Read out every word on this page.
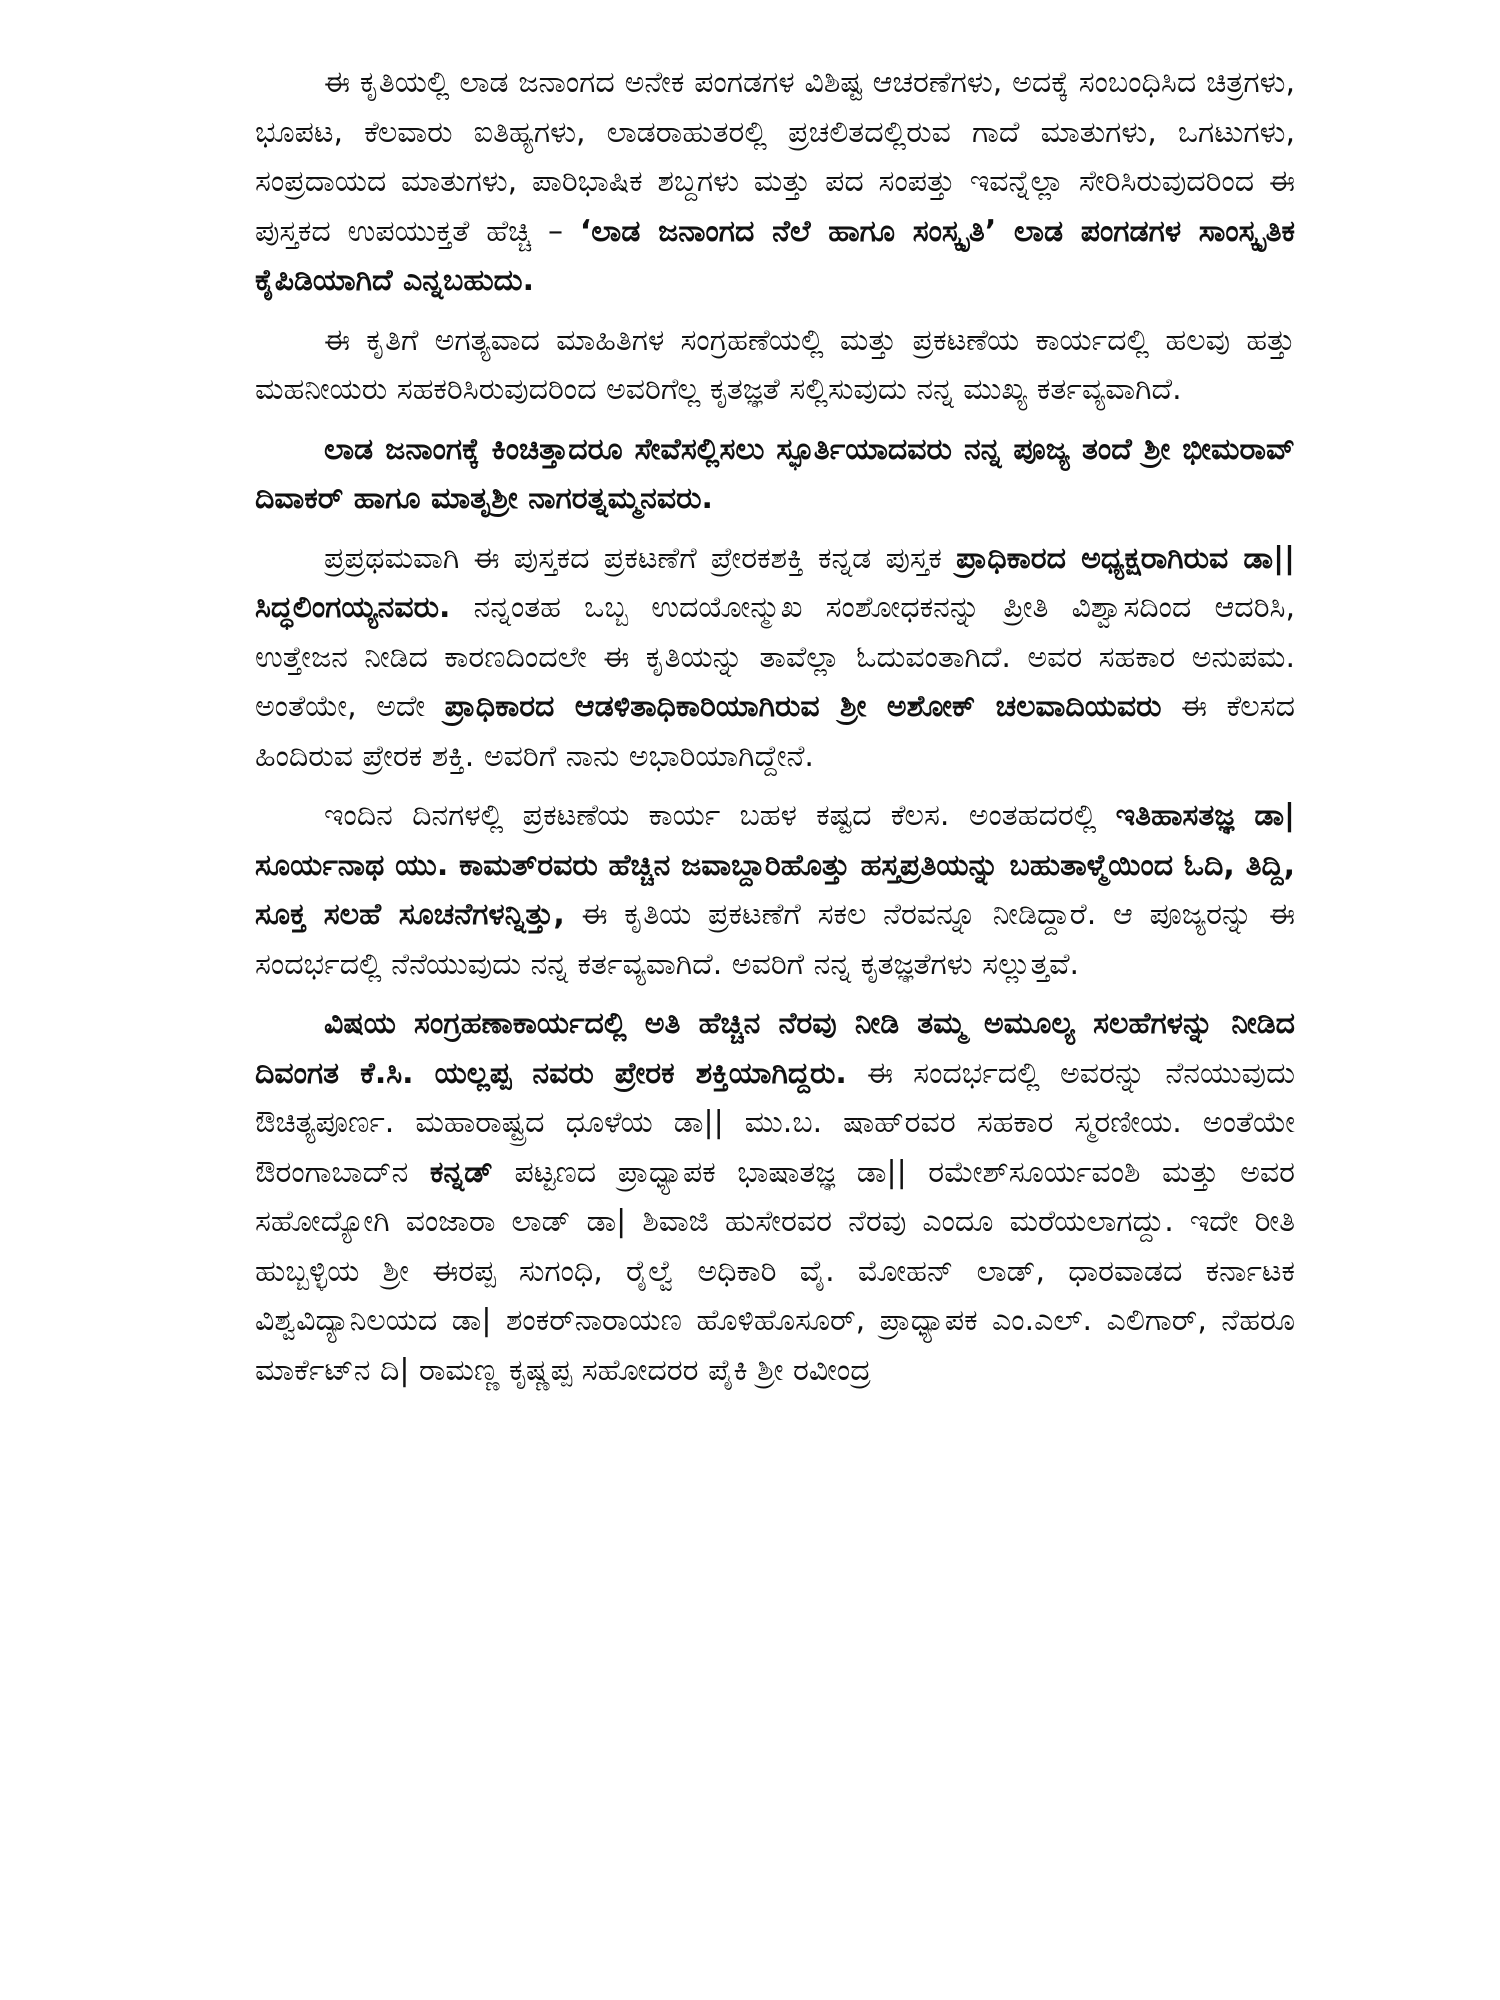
ಈ ಕೃತಿಯಲ್ಲಿ ಲಾಡ ಜನಾಂಗದ ಅನೇಕ ಪಂಗಡಗಳ ವಿಶಿಷ್ಟ ಆಚರಣೆಗಳು, ಅದಕ್ಕೆ ಸಂಬಂಧಿಸಿದ ಚಿತ್ರಗಳು, ಭೂಪಟ, ಕೆಲವಾರು ಐತಿಹ್ಯಗಳು, ಲಾಡರಾಹುತರಲ್ಲಿ ಪ್ರಚಲಿತದಲ್ಲಿರುವ ಗಾದೆ ಮಾತುಗಳು, ಒಗಟುಗಳು, ಸಂಪ್ರದಾಯದ ಮಾತುಗಳು, ಪಾರಿಭಾಷಿಕ ಶಬ್ದಗಳು ಮತ್ತು ಪದ ಸಂಪತ್ತು ಇವನ್ನೆಲ್ಲಾ ಸೇರಿಸಿರುವುದರಿಂದ ಈ ಪುಸ್ತಕದ ಉಪಯುಕ್ತತೆ ಹೆಚ್ಚಿ – ‘ಲಾಡ ಜನಾಂಗದ ನೆಲೆ ಹಾಗೂ ಸಂಸ್ಕೃತಿ’ ಲಾಡ ಪಂಗಡಗಳ ಸಾಂಸ್ಕೃತಿಕ ಕೈಪಿಡಿಯಾಗಿದೆ ಎನ್ನಬಹುದು.

ಈ ಕೃತಿಗೆ ಅಗತ್ಯವಾದ ಮಾಹಿತಿಗಳ ಸಂಗ್ರಹಣೆಯಲ್ಲಿ ಮತ್ತು ಪ್ರಕಟಣೆಯ ಕಾರ್ಯದಲ್ಲಿ ಹಲವು ಹತ್ತು ಮಹನೀಯರು ಸಹಕರಿಸಿರುವುದರಿಂದ ಅವರಿಗೆಲ್ಲ ಕೃತಜ್ಞತೆ ಸಲ್ಲಿಸುವುದು ನನ್ನ ಮುಖ್ಯ ಕರ್ತವ್ಯವಾಗಿದೆ.

ಲಾಡ ಜನಾಂಗಕ್ಕೆ ಕಿಂಚಿತ್ತಾದರೂ ಸೇವೆಸಲ್ಲಿಸಲು ಸ್ಫೂರ್ತಿಯಾದವರು ನನ್ನ ಪೂಜ್ಯ ತಂದೆ ಶ್ರೀ ಭೀಮರಾವ್ ದಿವಾಕರ್ ಹಾಗೂ ಮಾತೃಶ್ರೀ ನಾಗರತ್ನಮ್ಮನವರು.

ಪ್ರಪ್ರಥಮವಾಗಿ ಈ ಪುಸ್ತಕದ ಪ್ರಕಟಣೆಗೆ ಪ್ರೇರಕಶಕ್ತಿ ಕನ್ನಡ ಪುಸ್ತಕ ಪ್ರಾಧಿಕಾರದ ಅಧ್ಯಕ್ಷರಾಗಿರುವ ಡಾ|| ಸಿದ್ಧಲಿಂಗಯ್ಯನವರು. ನನ್ನಂತಹ ಒಬ್ಬ ಉದಯೋನ್ಮುಖ ಸಂಶೋಧಕನನ್ನು ಪ್ರೀತಿ ವಿಶ್ವಾಸದಿಂದ ಆದರಿಸಿ, ಉತ್ತೇಜನ ನೀಡಿದ ಕಾರಣದಿಂದಲೇ ಈ ಕೃತಿಯನ್ನು ತಾವೆಲ್ಲಾ ಓದುವಂತಾಗಿದೆ. ಅವರ ಸಹಕಾರ ಅನುಪಮ. ಅಂತೆಯೇ, ಅದೇ ಪ್ರಾಧಿಕಾರದ ಆಡಳಿತಾಧಿಕಾರಿಯಾಗಿರುವ ಶ್ರೀ ಅಶೋಕ್ ಚಲವಾದಿಯವರು ಈ ಕೆಲಸದ ಹಿಂದಿರುವ ಪ್ರೇರಕ ಶಕ್ತಿ. ಅವರಿಗೆ ನಾನು ಅಭಾರಿಯಾಗಿದ್ದೇನೆ.

ಇಂದಿನ ದಿನಗಳಲ್ಲಿ ಪ್ರಕಟಣೆಯ ಕಾರ್ಯ ಬಹಳ ಕಷ್ಟದ ಕೆಲಸ. ಅಂತಹದರಲ್ಲಿ ಇತಿಹಾಸತಜ್ಞ ಡಾ| ಸೂರ್ಯನಾಥ ಯು. ಕಾಮತ್‌ರವರು ಹೆಚ್ಚಿನ ಜವಾಬ್ದಾರಿಹೊತ್ತು ಹಸ್ತಪ್ರತಿಯನ್ನು ಬಹುತಾಳ್ಮೆಯಿಂದ ಓದಿ, ತಿದ್ದಿ, ಸೂಕ್ತ ಸಲಹೆ ಸೂಚನೆಗಳನ್ನಿತ್ತು, ಈ ಕೃತಿಯ ಪ್ರಕಟಣೆಗೆ ಸಕಲ ನೆರವನ್ನೂ ನೀಡಿದ್ದಾರೆ. ಆ ಪೂಜ್ಯರನ್ನು ಈ ಸಂದರ್ಭದಲ್ಲಿ ನೆನೆಯುವುದು ನನ್ನ ಕರ್ತವ್ಯವಾಗಿದೆ. ಅವರಿಗೆ ನನ್ನ ಕೃತಜ್ಞತೆಗಳು ಸಲ್ಲುತ್ತವೆ.

ವಿಷಯ ಸಂಗ್ರಹಣಾಕಾರ್ಯದಲ್ಲಿ ಅತಿ ಹೆಚ್ಚಿನ ನೆರವು ನೀಡಿ ತಮ್ಮ ಅಮೂಲ್ಯ ಸಲಹೆಗಳನ್ನು ನೀಡಿದ ದಿವಂಗತ ಕೆ.ಸಿ. ಯಲ್ಲಪ್ಪ ನವರು ಪ್ರೇರಕ ಶಕ್ತಿಯಾಗಿದ್ದರು. ಈ ಸಂದರ್ಭದಲ್ಲಿ ಅವರನ್ನು ನೆನಯುವುದು ಔಚಿತ್ಯಪೂರ್ಣ. ಮಹಾರಾಷ್ಟ್ರದ ಧೂಳೆಯ ಡಾ|| ಮು.ಬ. ಷಾಹ್‌ರವರ ಸಹಕಾರ ಸ್ಮರಣೀಯ. ಅಂತೆಯೇ ಔರಂಗಾಬಾದ್‌ನ ಕನ್ನಡ್ ಪಟ್ಟಣದ ಪ್ರಾಧ್ಯಾಪಕ ಭಾಷಾತಜ್ಞ ಡಾ|| ರಮೇಶ್‌ಸೂರ್ಯವಂಶಿ ಮತ್ತು ಅವರ ಸಹೋದ್ಯೋಗಿ ವಂಜಾರಾ ಲಾಡ್ ಡಾ| ಶಿವಾಜಿ ಹುಸೇರವರ ನೆರವು ಎಂದೂ ಮರೆಯಲಾಗದ್ದು. ಇದೇ ರೀತಿ ಹುಬ್ಬಳ್ಳಿಯ ಶ್ರೀ ಈರಪ್ಪ ಸುಗಂಧಿ, ರೈಲ್ವೆ ಅಧಿಕಾರಿ ವೈ. ಮೋಹನ್ ಲಾಡ್, ಧಾರವಾಡದ ಕರ್ನಾಟಕ ವಿಶ್ವವಿದ್ಯಾನಿಲಯದ ಡಾ| ಶಂಕರ್‌ನಾರಾಯಣ ಹೊಳಿಹೊಸೂರ್, ಪ್ರಾಧ್ಯಾಪಕ ಎಂ.ಎಲ್. ಎಲಿಗಾರ್, ನೆಹರೂ ಮಾರ್ಕೆಟ್‌ನ ದಿ| ರಾಮಣ್ಣ ಕೃಷ್ಣಪ್ಪ ಸಹೋದರರ ಪೈಕಿ ಶ್ರೀ ರವೀಂದ್ರ
